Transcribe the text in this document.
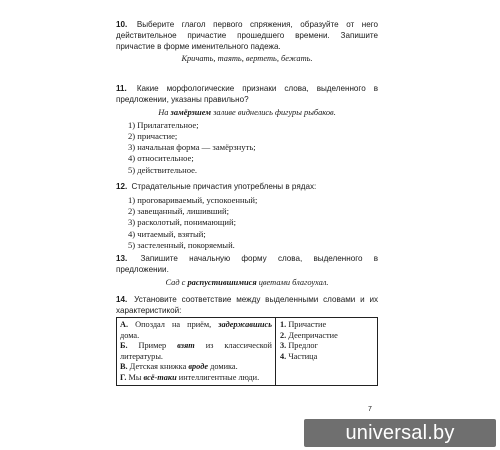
10. Выберите глагол первого спряжения, образуйте от него действительное причастие прошедшего времени. Запишите причастие в форме именительного падежа.
Кричать, таять, вертеть, бежать.
11. Какие морфологические признаки слова, выделенного в предложении, указаны правильно?
На замёрзшем заливе виднелись фигуры рыбаков.
1) Прилагательное;
2) причастие;
3) начальная форма — замёрзнуть;
4) относительное;
5) действительное.
12. Страдательные причастия употреблены в рядах:
1) проговариваемый, успокоенный;
2) завещанный, лишивший;
3) расколотый, понимающий;
4) читаемый, взятый;
5) застеленный, покоряемый.
13. Запишите начальную форму слова, выделенного в предложении.
Сад с распустившимися цветами благоухал.
14. Установите соответствие между выделенными словами и их характеристикой:
А. Опоздал на приём, задержавшись дома.
Б. Пример взят из классической литературы.
В. Детская книжка вроде домика.
Г. Мы всё-таки интеллигентные люди.

1. Причастие
2. Деепричастие
3. Предлог
4. Частица
7
universal.by
